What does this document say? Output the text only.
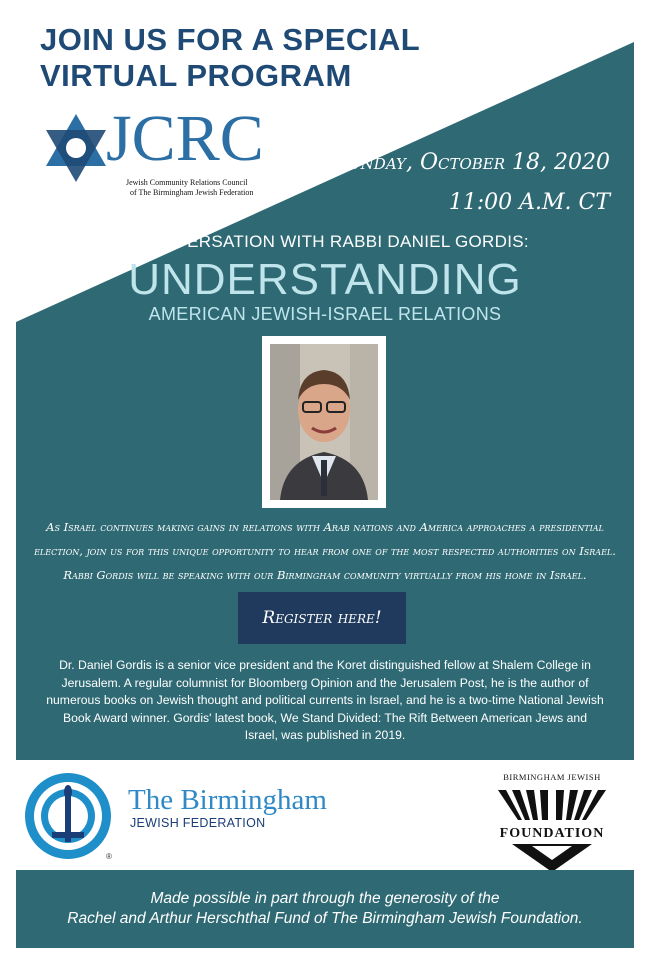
JOIN US FOR A SPECIAL
VIRTUAL PROGRAM
JCRC
Jewish Community Relations Council
of The Birmingham Jewish Federation
Sunday, October 18, 2020
11:00 A.M. CT
A CONVERSATION WITH RABBI DANIEL GORDIS:
UNDERSTANDING
AMERICAN JEWISH-ISRAEL RELATIONS
As Israel continues making gains in relations with Arab nations and America approaches a presidential
election, join us for this unique opportunity to hear from one of the most respected authorities on Israel.
Rabbi Gordis will be speaking with our Birmingham community virtually from his home in Israel.
Register here!
Dr. Daniel Gordis is a senior vice president and the Koret distinguished fellow at Shalem College in Jerusalem. A regular columnist for Bloomberg Opinion and the Jerusalem Post, he is the author of numerous books on Jewish thought and political currents in Israel, and he is a two-time National Jewish Book Award winner. Gordis' latest book, We Stand Divided: The Rift Between American Jews and Israel, was published in 2019.
®
The Birmingham
JEWISH FEDERATION
BIRMINGHAM JEWISH
FOUNDATION
Made possible in part through the generosity of the
Rachel and Arthur Herschthal Fund of The Birmingham Jewish Foundation.
